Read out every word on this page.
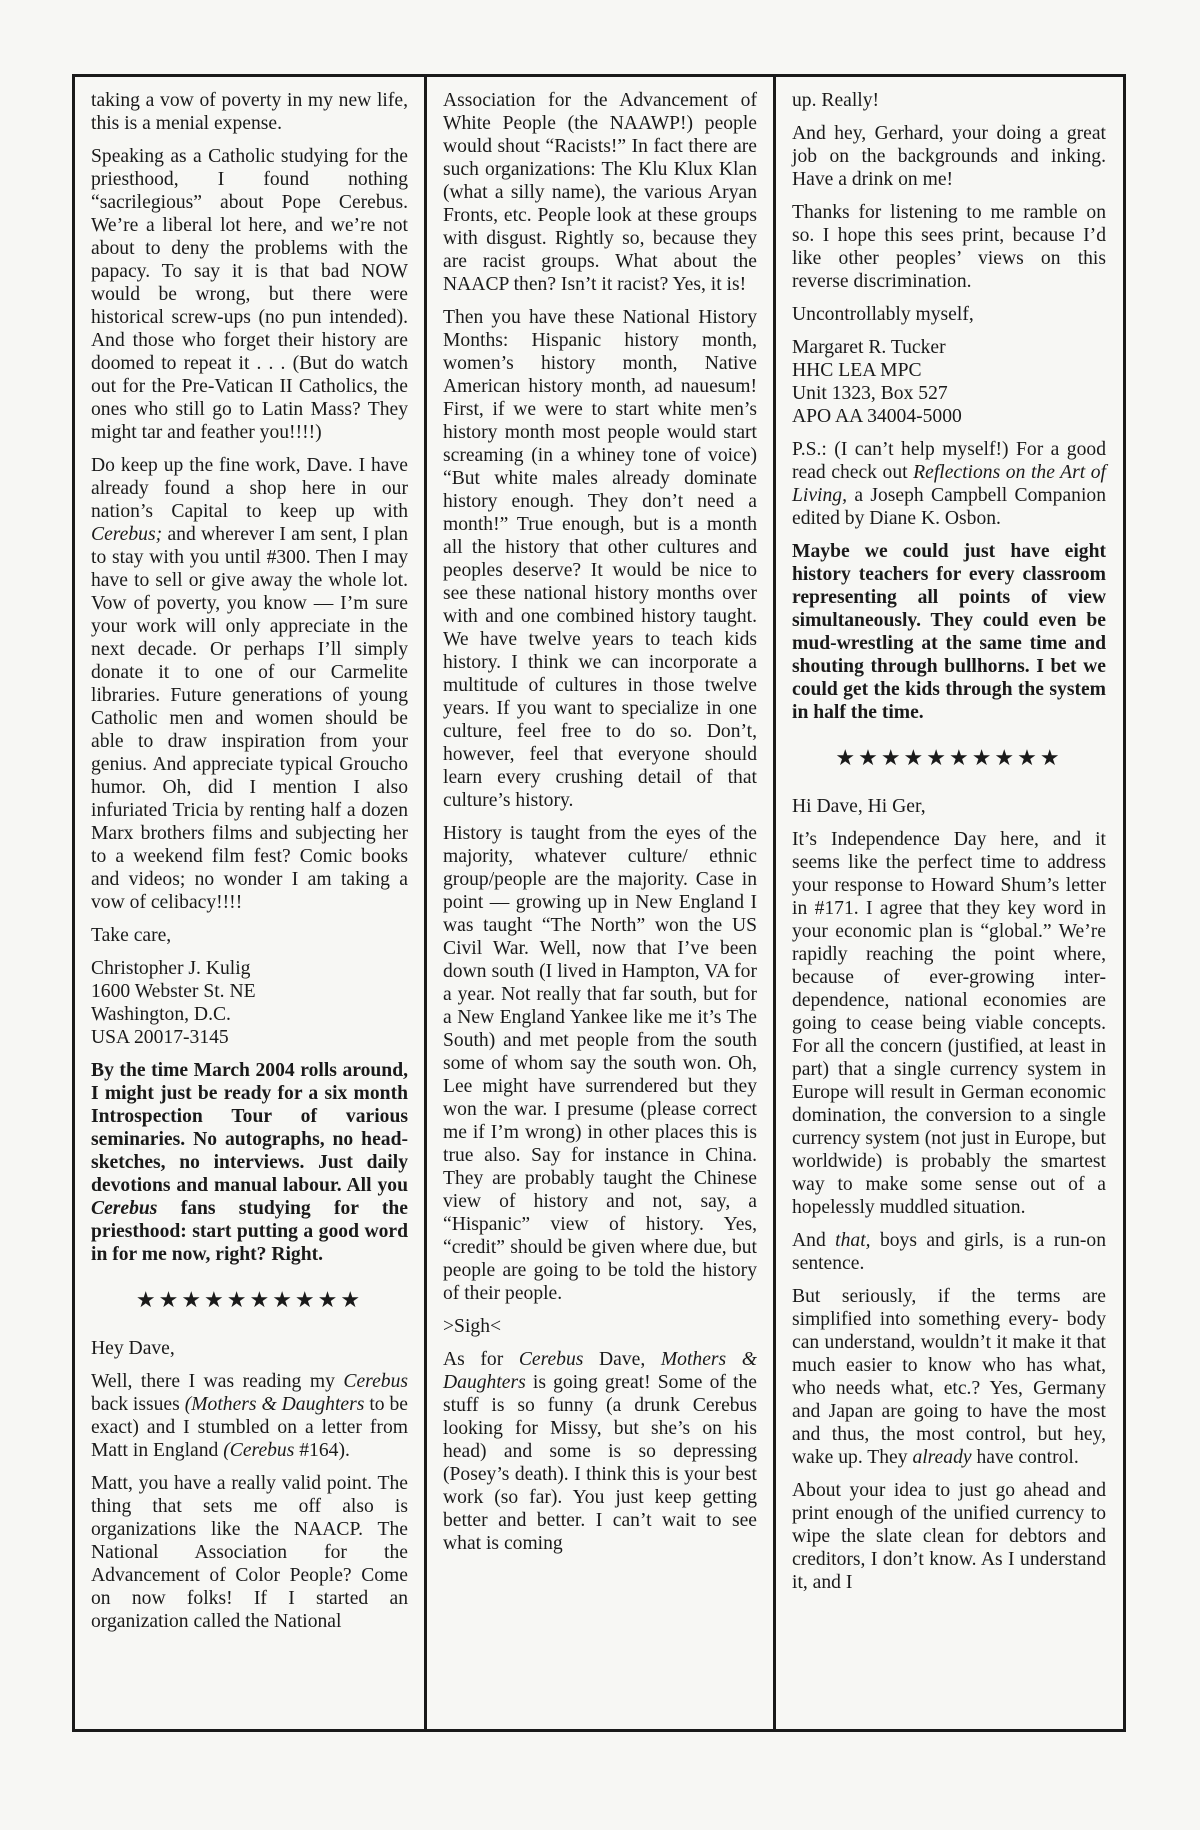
taking a vow of poverty in my new life, this is a menial expense.

Speaking as a Catholic studying for the priesthood, I found nothing “sacrilegious” about Pope Cerebus. We’re a liberal lot here, and we’re not about to deny the problems with the papacy. To say it is that bad NOW would be wrong, but there were historical screw-ups (no pun intended). And those who forget their history are doomed to repeat it . . . (But do watch out for the Pre-Vatican II Catholics, the ones who still go to Latin Mass? They might tar and feather you!!!!)

Do keep up the fine work, Dave. I have already found a shop here in our nation’s Capital to keep up with Cerebus; and wherever I am sent, I plan to stay with you until #300. Then I may have to sell or give away the whole lot. Vow of poverty, you know — I’m sure your work will only appreciate in the next decade. Or perhaps I’ll simply donate it to one of our Carmelite libraries. Future generations of young Catholic men and women should be able to draw inspiration from your genius. And appreciate typical Groucho humor. Oh, did I mention I also infuriated Tricia by renting half a dozen Marx brothers films and subjecting her to a weekend film fest? Comic books and videos; no wonder I am taking a vow of celibacy!!!!

Take care,

Christopher J. Kulig

1600 Webster St. NE

Washington, D.C.

USA 20017-3145

By the time March 2004 rolls around, I might just be ready for a six month Introspection Tour of various seminaries. No autographs, no head-sketches, no interviews. Just daily devotions and manual labour. All you Cerebus fans studying for the priesthood: start putting a good word in for me now, right? Right.

★★★★★★★★★★

Hey Dave,

Well, there I was reading my Cerebus back issues (Mothers & Daughters to be exact) and I stumbled on a letter from Matt in England (Cerebus #164).

Matt, you have a really valid point. The thing that sets me off also is organizations like the NAACP. The National Association for the Advancement of Color People? Come on now folks! If I started an organization called the National

Association for the Advancement of White People (the NAAWP!) people would shout “Racists!” In fact there are such organizations: The Klu Klux Klan (what a silly name), the various Aryan Fronts, etc. People look at these groups with disgust. Rightly so, because they are racist groups. What about the NAACP then? Isn’t it racist? Yes, it is!

Then you have these National History Months: Hispanic history month, women’s history month, Native American history month, ad nauesum! First, if we were to start white men’s history month most people would start screaming (in a whiney tone of voice) “But white males already dominate history enough. They don’t need a month!” True enough, but is a month all the history that other cultures and peoples deserve? It would be nice to see these national history months over with and one combined history taught. We have twelve years to teach kids history. I think we can incorporate a multitude of cultures in those twelve years. If you want to specialize in one culture, feel free to do so. Don’t, however, feel that everyone should learn every crushing detail of that culture’s history.

History is taught from the eyes of the majority, whatever culture/ ethnic group/people are the majority. Case in point — growing up in New England I was taught “The North” won the US Civil War. Well, now that I’ve been down south (I lived in Hampton, VA for a year. Not really that far south, but for a New England Yankee like me it’s The South) and met people from the south some of whom say the south won. Oh, Lee might have surrendered but they won the war. I presume (please correct me if I’m wrong) in other places this is true also. Say for instance in China. They are probably taught the Chinese view of history and not, say, a “Hispanic” view of history. Yes, “credit” should be given where due, but people are going to be told the history of their people.

>Sigh<

As for Cerebus Dave, Mothers & Daughters is going great! Some of the stuff is so funny (a drunk Cerebus looking for Missy, but she’s on his head) and some is so depressing (Posey’s death). I think this is your best work (so far). You just keep getting better and better. I can’t wait to see what is coming

up. Really!

And hey, Gerhard, your doing a great job on the backgrounds and inking. Have a drink on me!

Thanks for listening to me ramble on so. I hope this sees print, because I’d like other peoples’ views on this reverse discrimination.

Uncontrollably myself,

Margaret R. Tucker

HHC LEA MPC

Unit 1323, Box 527

APO AA 34004-5000

P.S.: (I can’t help myself!) For a good read check out Reflections on the Art of Living, a Joseph Campbell Companion edited by Diane K. Osbon.

Maybe we could just have eight history teachers for every classroom representing all points of view simultaneously. They could even be mud-wrestling at the same time and shouting through bullhorns. I bet we could get the kids through the system in half the time.

★★★★★★★★★★

Hi Dave, Hi Ger,

It’s Independence Day here, and it seems like the perfect time to address your response to Howard Shum’s letter in #171. I agree that they key word in your economic plan is “global.” We’re rapidly reaching the point where, because of ever-growing inter- dependence, national economies are going to cease being viable concepts. For all the concern (justified, at least in part) that a single currency system in Europe will result in German economic domination, the conversion to a single currency system (not just in Europe, but worldwide) is probably the smartest way to make some sense out of a hopelessly muddled situation.

And that, boys and girls, is a run-on sentence.

But seriously, if the terms are simplified into something every- body can understand, wouldn’t it make it that much easier to know who has what, who needs what, etc.? Yes, Germany and Japan are going to have the most and thus, the most control, but hey, wake up. They already have control.

About your idea to just go ahead and print enough of the unified currency to wipe the slate clean for debtors and creditors, I don’t know. As I understand it, and I
